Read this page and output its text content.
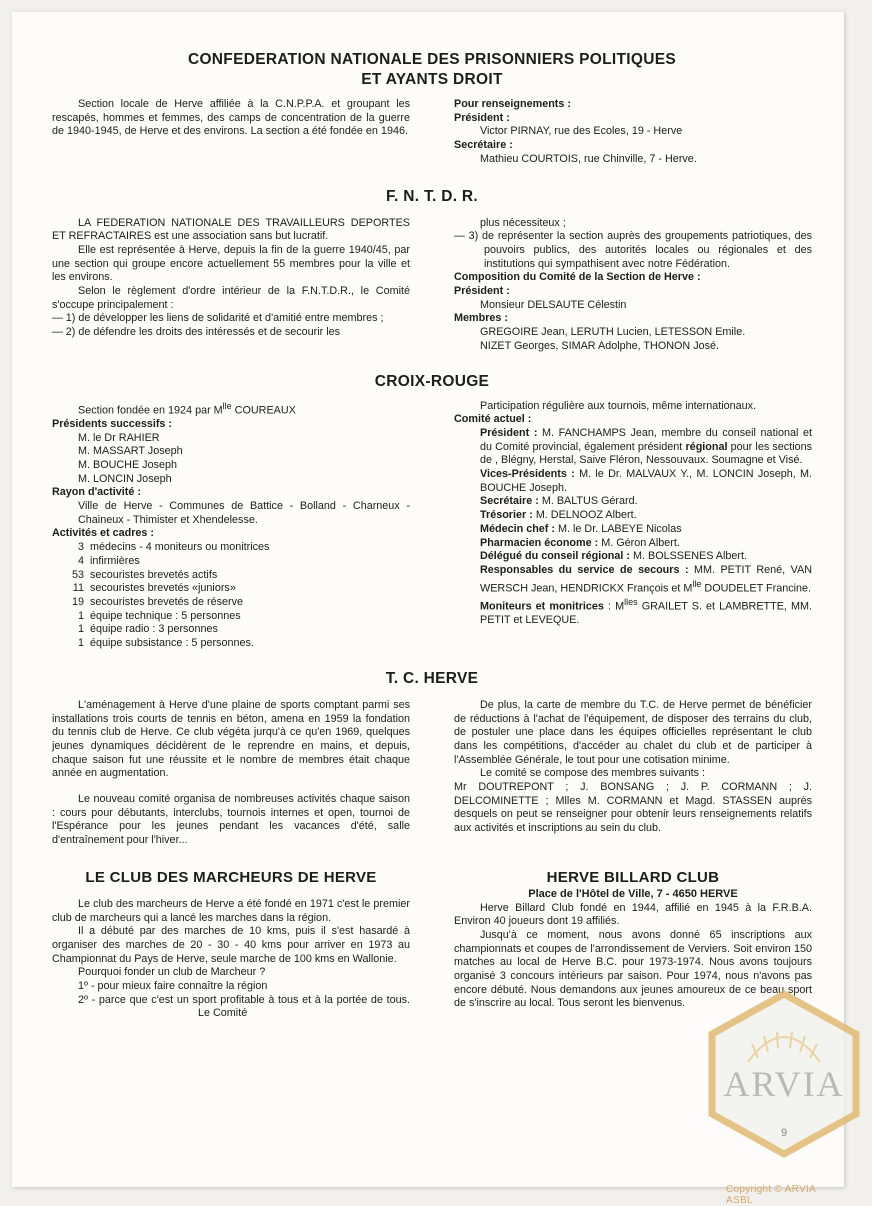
CONFEDERATION NATIONALE DES PRISONNIERS POLITIQUES
ET AYANTS DROIT

Section locale de Herve affiliée à la C.N.P.P.A. et groupant les rescapés, hommes et femmes, des camps de concentration de la guerre de 1940-1945, de Herve et des environs. La section a été fondée en 1946.

Pour renseignements :

Président :

Victor PIRNAY, rue des Ecoles, 19 - Herve

Secrétaire :

Mathieu COURTOIS, rue Chinville, 7 - Herve.

F. N. T. D. R.

LA FEDERATION NATIONALE DES TRAVAILLEURS DEPORTES ET REFRACTAIRES est une association sans but lucratif.

Elle est représentée à Herve, depuis la fin de la guerre 1940/45, par une section qui groupe encore actuellement 55 membres pour la ville et les environs.

Selon le règlement d'ordre intérieur de la F.N.T.D.R., le Comité s'occupe principalement :

— 1) de développer les liens de solidarité et d'amitié entre membres ;

— 2) de défendre les droits des intéressés et de secourir les

plus nécessiteux ;

— 3) de représenter la section auprès des groupements patriotiques, des pouvoirs publics, des autorités locales ou régionales et des institutions qui sympathisent avec notre Fédération.

Composition du Comité de la Section de Herve :

Président :

Monsieur DELSAUTE Célestin

Membres :

GREGOIRE Jean, LERUTH Lucien, LETESSON Emile.

NIZET Georges, SIMAR Adolphe, THONON José.

CROIX-ROUGE

Section fondée en 1924 par $M^{lle}$ COUREAUX

Présidents successifs :

M. le Dr RAHIER

M. MASSART Joseph

M. BOUCHE Joseph

M. LONCIN Joseph

Rayon d'activité :

Ville de Herve - Communes de Battice - Bolland - Charneux - Chaineux - Thimister et Xhendelesse.

Activités et cadres :

3 médecins - 4 moniteurs ou monitrices
4 infirmières
53 secouristes brevetés actifs
11 secouristes brevetés «juniors»
19 secouristes brevetés de réserve
1 équipe technique : 5 personnes
1 équipe radio : 3 personnes
1 équipe subsistance : 5 personnes.

Participation régulière aux tournois, même internationaux.

Comité actuel :

Président : M. FANCHAMPS Jean, membre du conseil national et du Comité provincial, également président régional pour les sections de , Blégny, Herstal, Saive Fléron, Nessouvaux. Soumagne et Visé.

Vices-Présidents : M. le Dr. MALVAUX Y., M. LONCIN Joseph, M. BOUCHE Joseph.

Secrétaire : M. BALTUS Gérard.

Trésorier : M. DELNOOZ Albert.

Médecin chef : M. le Dr. LABEYE Nicolas

Pharmacien économe : M. Géron Albert.

Délégué du conseil régional : M. BOLSSENES Albert.

Responsables du service de secours : MM. PETIT René, VAN WERSCH Jean, HENDRICKX François et $M^{lle}$ DOUDELET Francine.

Moniteurs et monitrices : $M^{lles}$ GRAILET S. et LAMBRETTE, MM. PETIT et LEVEQUE.

T. C. HERVE

L'aménagement à Herve d'une plaine de sports comptant parmi ses installations trois courts de tennis en béton, amena en 1959 la fondation du tennis club de Herve. Ce club végéta jurqu'à ce qu'en 1969, quelques jeunes dynamiques décidèrent de le reprendre en mains, et depuis, chaque saison fut une réussite et le nombre de membres était chaque année en augmentation.

Le nouveau comité organisa de nombreuses activités chaque saison : cours pour débutants, interclubs, tournois internes et open, tournoi de l'Espérance pour les jeunes pendant les vacances d'été, salle d'entraînement pour l'hiver...

De plus, la carte de membre du T.C. de Herve permet de bénéficier de réductions à l'achat de l'équipement, de disposer des terrains du club, de postuler une place dans les équipes officielles représentant le club dans les compétitions, d'accéder au chalet du club et de participer à l'Assemblée Générale, le tout pour une cotisation minime.

Le comité se compose des membres suivants :

Mr DOUTREPONT ; J. BONSANG ; J. P. CORMANN ; J. DELCOMINETTE ; Mlles M. CORMANN et Magd. STASSEN auprès desquels on peut se renseigner pour obtenir leurs renseignements relatifs aux activités et inscriptions au sein du club.

LE CLUB DES MARCHEURS DE HERVE

Le club des marcheurs de Herve a été fondé en 1971 c'est le premier club de marcheurs qui a lancé les marches dans la région.

Il a débuté par des marches de 10 kms, puis il s'est hasardé à organiser des marches de 20 - 30 - 40 kms pour arriver en 1973 au Championnat du Pays de Herve, seule marche de 100 kms en Wallonie.

Pourquoi fonder un club de Marcheur ?

1º - pour mieux faire connaître la région

2º - parce que c'est un sport profitable à tous et à la portée de tous.Le Comité

HERVE BILLARD CLUB

Place de l'Hôtel de Ville, 7 - 4650 HERVE

Herve Billard Club fondé en 1944, affilié en 1945 à la F.R.B.A. Environ 40 joueurs dont 19 affiliés.

Jusqu'à ce moment, nous avons donné 65 inscriptions aux championnats et coupes de l'arrondissement de Verviers. Soit environ 150 matches au local de Herve B.C. pour 1973-1974. Nous avons toujours organisé 3 concours intérieurs par saison. Pour 1974, nous n'avons pas encore débuté. Nous demandons aux jeunes amoureux de ce beau sport de s'inscrire au local. Tous seront les bienvenus.

Copyright © ARVIA ASBL
ARVIA
9
